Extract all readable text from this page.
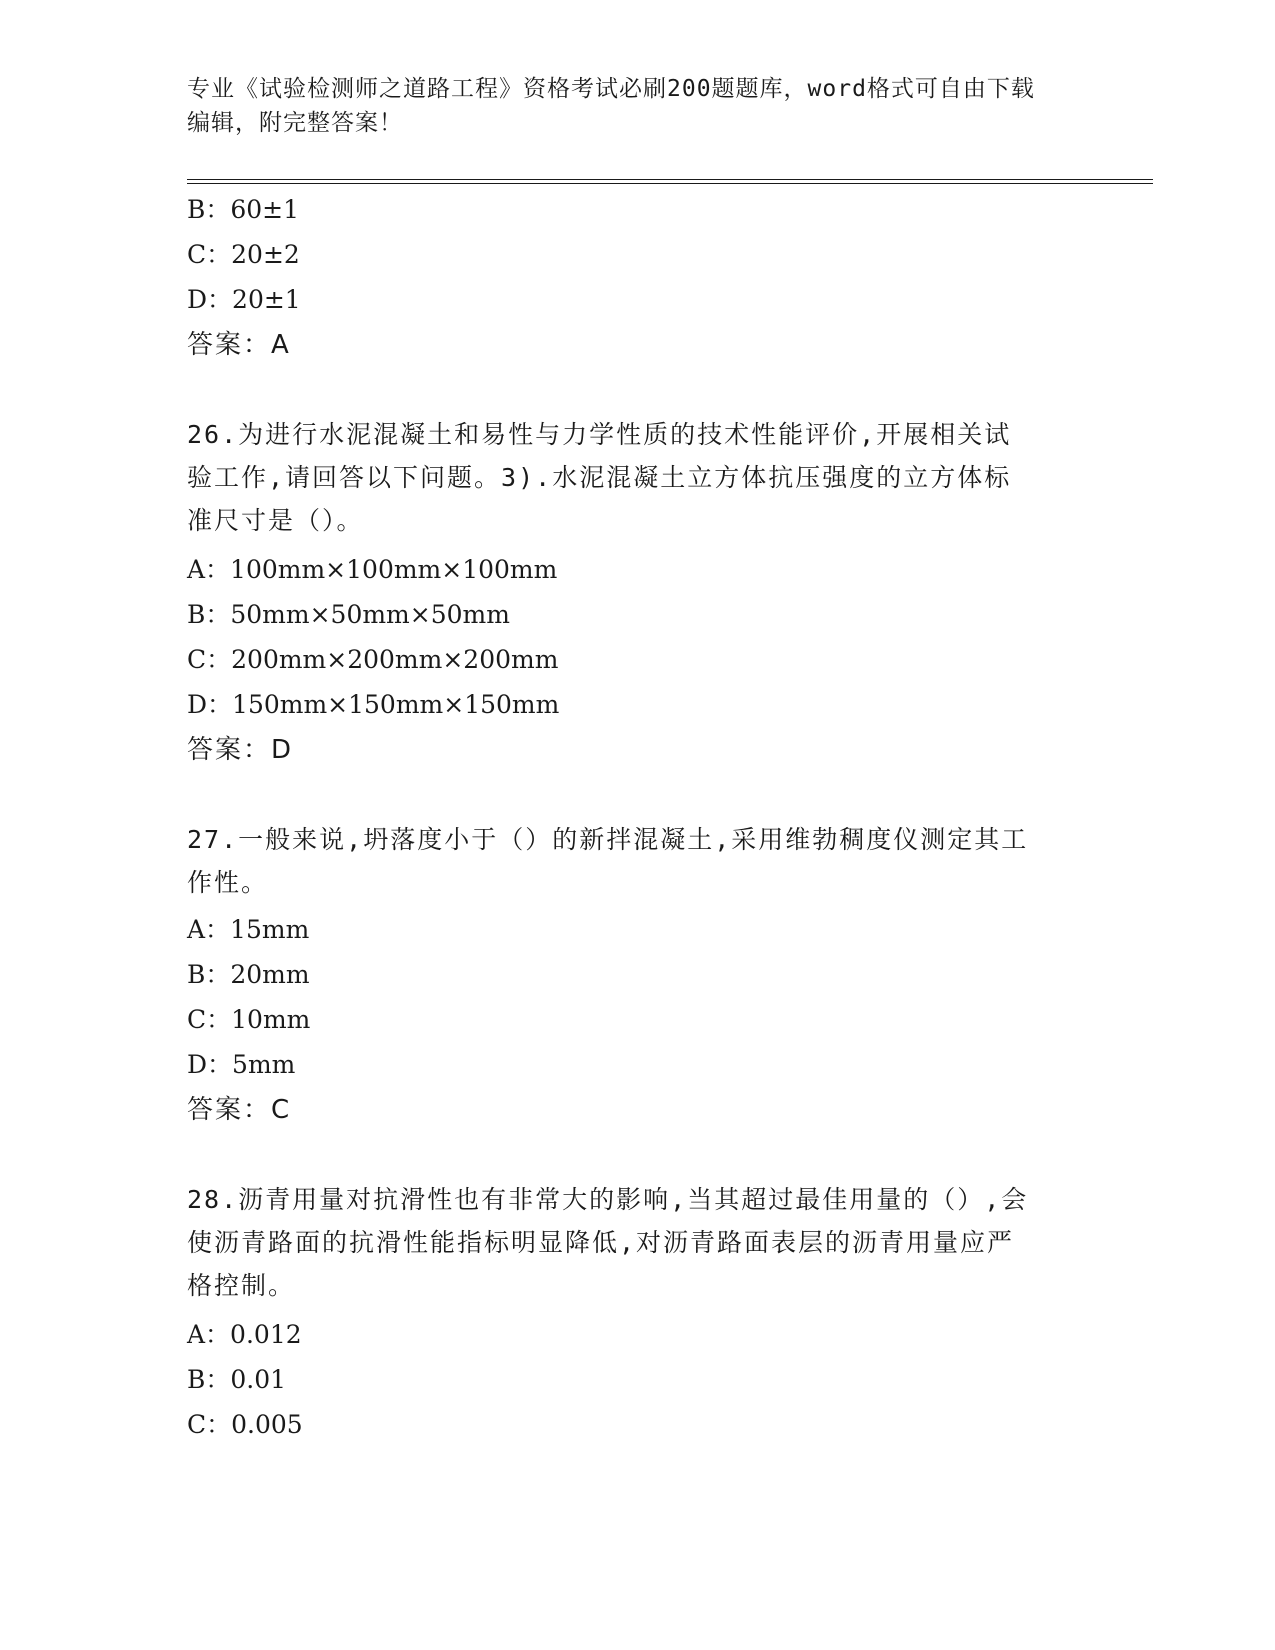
专业《试验检测师之道路工程》资格考试必刷200题题库，word格式可自由下载
编辑，附完整答案！
B：60±1
C：20±2
D：20±1
答案：A
26.为进行水泥混凝土和易性与力学性质的技术性能评价,开展相关试
验工作,请回答以下问题。3).水泥混凝土立方体抗压强度的立方体标
准尺寸是（）。
A：100mm×100mm×100mm
B：50mm×50mm×50mm
C：200mm×200mm×200mm
D：150mm×150mm×150mm
答案：D
27.一般来说,坍落度小于（）的新拌混凝土,采用维勃稠度仪测定其工
作性。
A：15mm
B：20mm
C：10mm
D：5mm
答案：C
28.沥青用量对抗滑性也有非常大的影响,当其超过最佳用量的（）,会
使沥青路面的抗滑性能指标明显降低,对沥青路面表层的沥青用量应严
格控制。
A：0.012
B：0.01
C：0.005
